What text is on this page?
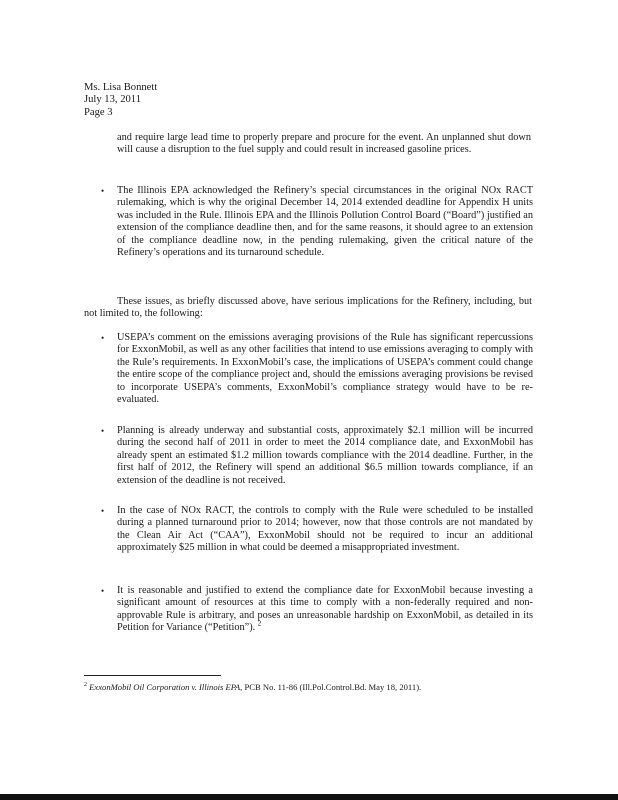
Ms. Lisa Bonnett
July 13, 2011
Page 3
and require large lead time to properly prepare and procure for the event. An unplanned shut down will cause a disruption to the fuel supply and could result in increased gasoline prices.
• The Illinois EPA acknowledged the Refinery’s special circumstances in the original NOx RACT rulemaking, which is why the original December 14, 2014 extended deadline for Appendix H units was included in the Rule. Illinois EPA and the Illinois Pollution Control Board (“Board”) justified an extension of the compliance deadline then, and for the same reasons, it should agree to an extension of the compliance deadline now, in the pending rulemaking, given the critical nature of the Refinery’s operations and its turnaround schedule.
These issues, as briefly discussed above, have serious implications for the Refinery, including, but not limited to, the following:
• USEPA’s comment on the emissions averaging provisions of the Rule has significant repercussions for ExxonMobil, as well as any other facilities that intend to use emissions averaging to comply with the Rule’s requirements. In ExxonMobil’s case, the implications of USEPA’s comment could change the entire scope of the compliance project and, should the emissions averaging provisions be revised to incorporate USEPA’s comments, ExxonMobil’s compliance strategy would have to be re-evaluated.
• Planning is already underway and substantial costs, approximately $2.1 million will be incurred during the second half of 2011 in order to meet the 2014 compliance date, and ExxonMobil has already spent an estimated $1.2 million towards compliance with the 2014 deadline. Further, in the first half of 2012, the Refinery will spend an additional $6.5 million towards compliance, if an extension of the deadline is not received.
• In the case of NOx RACT, the controls to comply with the Rule were scheduled to be installed during a planned turnaround prior to 2014; however, now that those controls are not mandated by the Clean Air Act (“CAA”), ExxonMobil should not be required to incur an additional approximately $25 million in what could be deemed a misappropriated investment.
• It is reasonable and justified to extend the compliance date for ExxonMobil because investing a significant amount of resources at this time to comply with a non-federally required and non-approvable Rule is arbitrary, and poses an unreasonable hardship on ExxonMobil, as detailed in its Petition for Variance (“Petition”). $^2$
$^2$ ExxonMobil Oil Corporation v. Illinois EPA, PCB No. 11-86 (Ill.Pol.Control.Bd. May 18, 2011).
